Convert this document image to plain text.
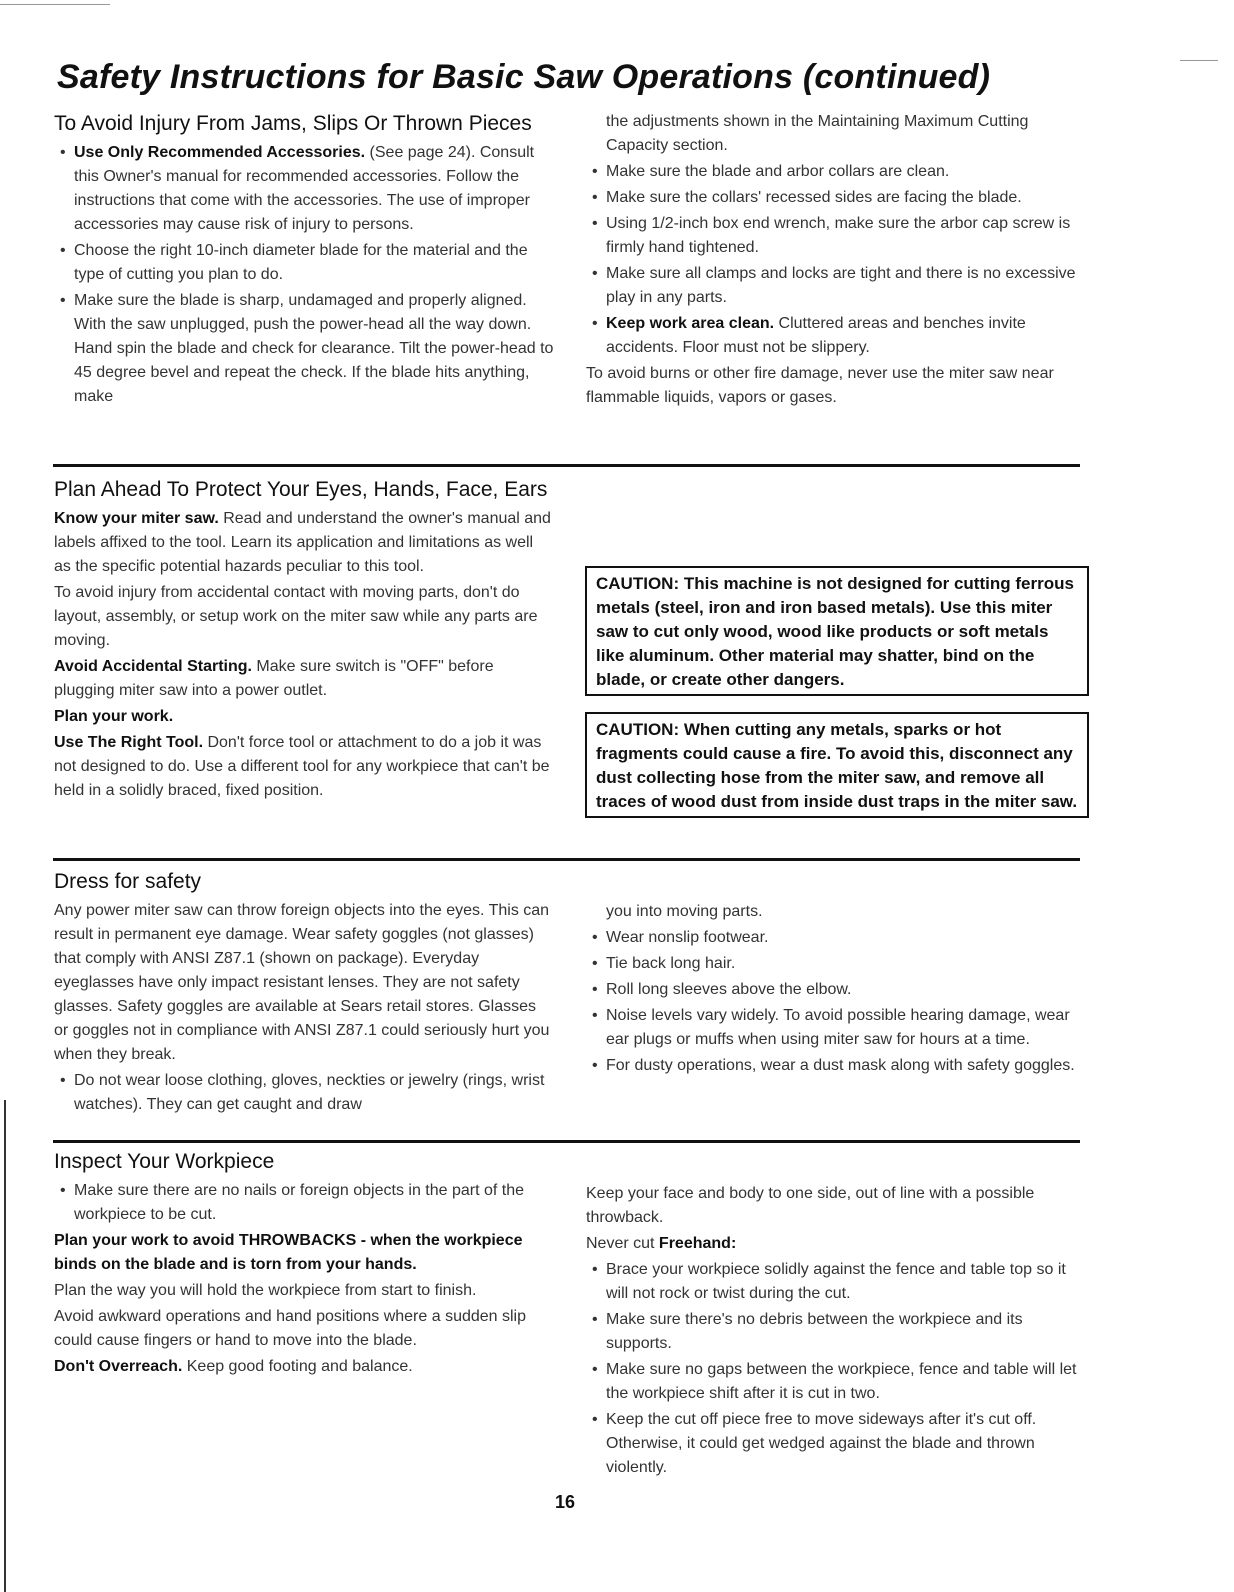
Safety Instructions for Basic Saw Operations (continued)
To Avoid Injury From Jams, Slips Or Thrown Pieces
• Use Only Recommended Accessories. (See page 24). Consult this Owner's manual for recommended accessories. Follow the instructions that come with the accessories. The use of improper accessories may cause risk of injury to persons.
• Choose the right 10-inch diameter blade for the material and the type of cutting you plan to do.
• Make sure the blade is sharp, undamaged and properly aligned. With the saw unplugged, push the power-head all the way down. Hand spin the blade and check for clearance. Tilt the power-head to 45 degree bevel and repeat the check. If the blade hits anything, make

the adjustments shown in the Maintaining Maximum Cutting Capacity section.

• Make sure the blade and arbor collars are clean.
• Make sure the collars' recessed sides are facing the blade.
• Using 1/2-inch box end wrench, make sure the arbor cap screw is firmly hand tightened.
• Make sure all clamps and locks are tight and there is no excessive play in any parts.
• Keep work area clean. Cluttered areas and benches invite accidents. Floor must not be slippery.

To avoid burns or other fire damage, never use the miter saw near flammable liquids, vapors or gases.

Plan Ahead To Protect Your Eyes, Hands, Face, Ears

Know your miter saw. Read and understand the owner's manual and labels affixed to the tool. Learn its application and limitations as well as the specific potential hazards peculiar to this tool.

To avoid injury from accidental contact with moving parts, don't do layout, assembly, or setup work on the miter saw while any parts are moving.

Avoid Accidental Starting. Make sure switch is "OFF" before plugging miter saw into a power outlet.

Plan your work.

Use The Right Tool. Don't force tool or attachment to do a job it was not designed to do. Use a different tool for any workpiece that can't be held in a solidly braced, fixed position.

CAUTION: This machine is not designed for cutting ferrous metals (steel, iron and iron based metals). Use this miter saw to cut only wood, wood like products or soft metals like aluminum. Other material may shatter, bind on the blade, or create other dangers.
CAUTION: When cutting any metals, sparks or hot fragments could cause a fire. To avoid this, disconnect any dust collecting hose from the miter saw, and remove all traces of wood dust from inside dust traps in the miter saw.
Dress for safety

Any power miter saw can throw foreign objects into the eyes. This can result in permanent eye damage. Wear safety goggles (not glasses) that comply with ANSI Z87.1 (shown on package). Everyday eyeglasses have only impact resistant lenses. They are not safety glasses. Safety goggles are available at Sears retail stores. Glasses or goggles not in compliance with ANSI Z87.1 could seriously hurt you when they break.

• Do not wear loose clothing, gloves, neckties or jewelry (rings, wrist watches). They can get caught and draw

you into moving parts.

• Wear nonslip footwear.
• Tie back long hair.
• Roll long sleeves above the elbow.
• Noise levels vary widely. To avoid possible hearing damage, wear ear plugs or muffs when using miter saw for hours at a time.
• For dusty operations, wear a dust mask along with safety goggles.
Inspect Your Workpiece
• Make sure there are no nails or foreign objects in the part of the workpiece to be cut.

Plan your work to avoid THROWBACKS - when the workpiece binds on the blade and is torn from your hands.

Plan the way you will hold the workpiece from start to finish.

Avoid awkward operations and hand positions where a sudden slip could cause fingers or hand to move into the blade.

Don't Overreach. Keep good footing and balance.

Keep your face and body to one side, out of line with a possible throwback.

Never cut Freehand:

• Brace your workpiece solidly against the fence and table top so it will not rock or twist during the cut.
• Make sure there's no debris between the workpiece and its supports.
• Make sure no gaps between the workpiece, fence and table will let the workpiece shift after it is cut in two.
• Keep the cut off piece free to move sideways after it's cut off. Otherwise, it could get wedged against the blade and thrown violently.
16
